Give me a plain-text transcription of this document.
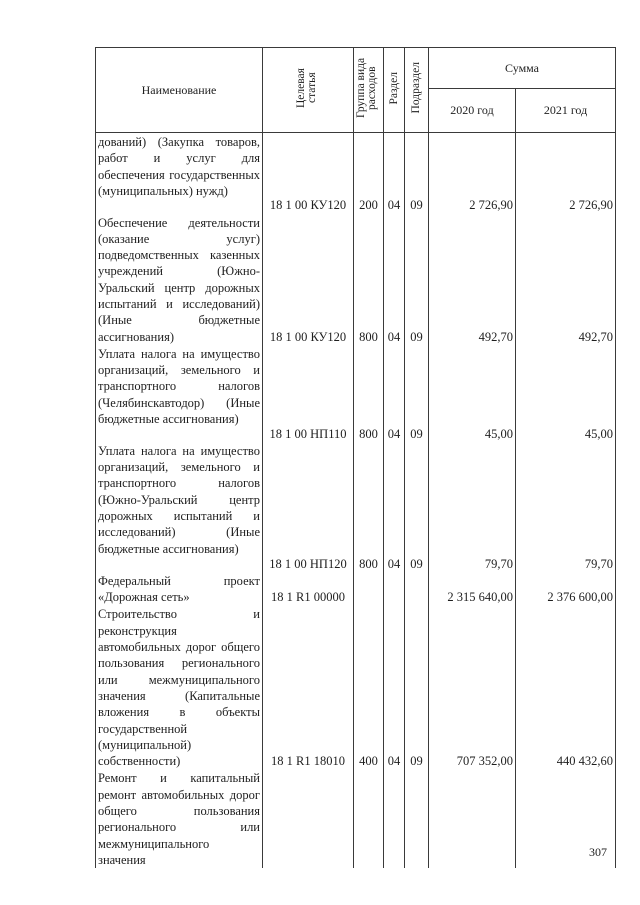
Наименование	Целевая статья	Группа вида расходов	Раздел	Подраздел	Сумма	
					2020 год	2021 год
дований) (Закупка товаров, работ и услуг для обеспечения государственных (муниципальных) нужд)	18 1 00 КУ120	200	04	09	2 726,90	2 726,90
Обеспечение деятельности (оказание услуг) подведомственных казенных учреждений (Южно-Уральский центр дорожных испытаний и исследований) (Иные бюджетные ассигнования)	18 1 00 КУ120	800	04	09	492,70	492,70
Уплата налога на имущество организаций, земельного и транспортного налогов (Челябинскавтодор) (Иные бюджетные ассигнования)	18 1 00 НП110	800	04	09	45,00	45,00
Уплата налога на имущество организаций, земельного и транспортного налогов (Южно-Уральский центр дорожных испытаний и исследований) (Иные бюджетные ассигнования)	18 1 00 НП120	800	04	09	79,70	79,70
Федеральный проект «Дорожная сеть»	18 1 R1 00000				2 315 640,00	2 376 600,00
Строительство и реконструкция автомобильных дорог общего пользования регионального или межмуниципального значения (Капитальные вложения в объекты государственной (муниципальной) собственности)	18 1 R1 18010	400	04	09	707 352,00	440 432,60
Ремонт и капитальный ремонт автомобильных дорог общего пользования регионального или межмуниципального значения						
307
